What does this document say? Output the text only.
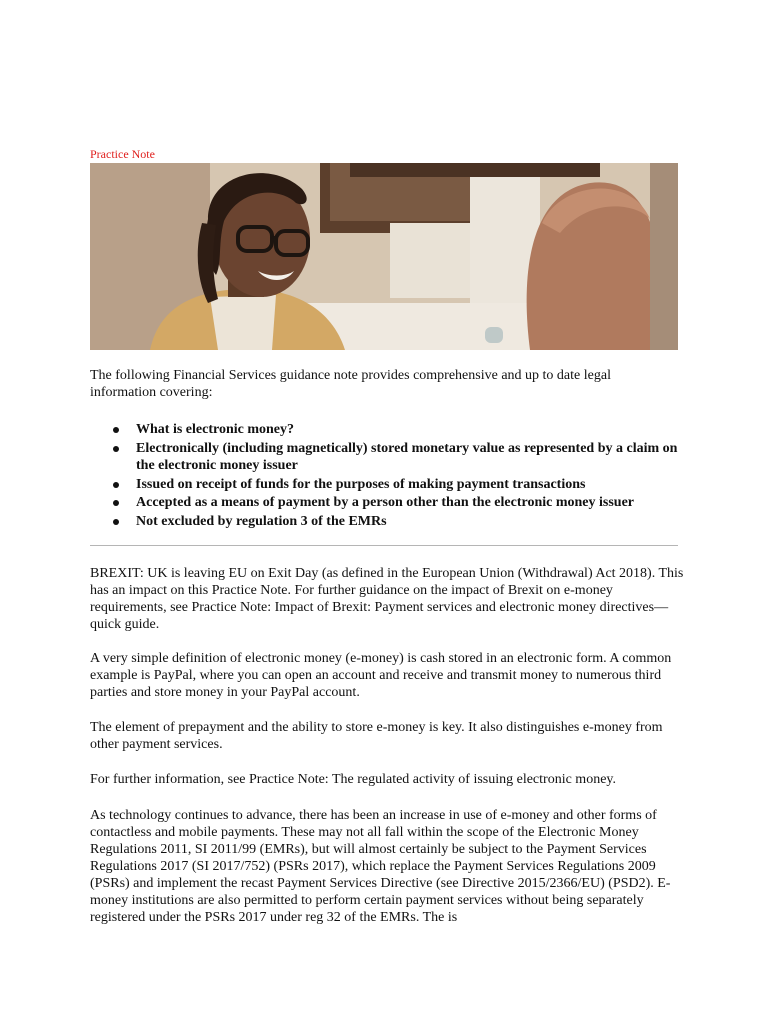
Practice Note
The following Financial Services guidance note provides comprehensive and up to date legal information covering:
What is electronic money?
Electronically (including magnetically) stored monetary value as represented by a claim on the electronic money issuer
Issued on receipt of funds for the purposes of making payment transactions
Accepted as a means of payment by a person other than the electronic money issuer
Not excluded by regulation 3 of the EMRs

BREXIT: UK is leaving EU on Exit Day (as defined in the European Union (Withdrawal) Act 2018). This has an impact on this Practice Note. For further guidance on the impact of Brexit on e-money requirements, see Practice Note: Impact of Brexit: Payment services and electronic money directives—quick guide.

A very simple definition of electronic money (e-money) is cash stored in an electronic form. A common example is PayPal, where you can open an account and receive and transmit money to numerous third parties and store money in your PayPal account.

The element of prepayment and the ability to store e-money is key. It also distinguishes e-money from other payment services.

For further information, see Practice Note: The regulated activity of issuing electronic money.

As technology continues to advance, there has been an increase in use of e-money and other forms of contactless and mobile payments. These may not all fall within the scope of the Electronic Money Regulations 2011, SI 2011/99 (EMRs), but will almost certainly be subject to the Payment Services Regulations 2017 (SI 2017/752) (PSRs 2017), which replace the Payment Services Regulations 2009 (PSRs) and implement the recast Payment Services Directive (see Directive 2015/2366/EU) (PSD2). E-money institutions are also permitted to perform certain payment services without being separately registered under the PSRs 2017 under reg 32 of the EMRs. The is
